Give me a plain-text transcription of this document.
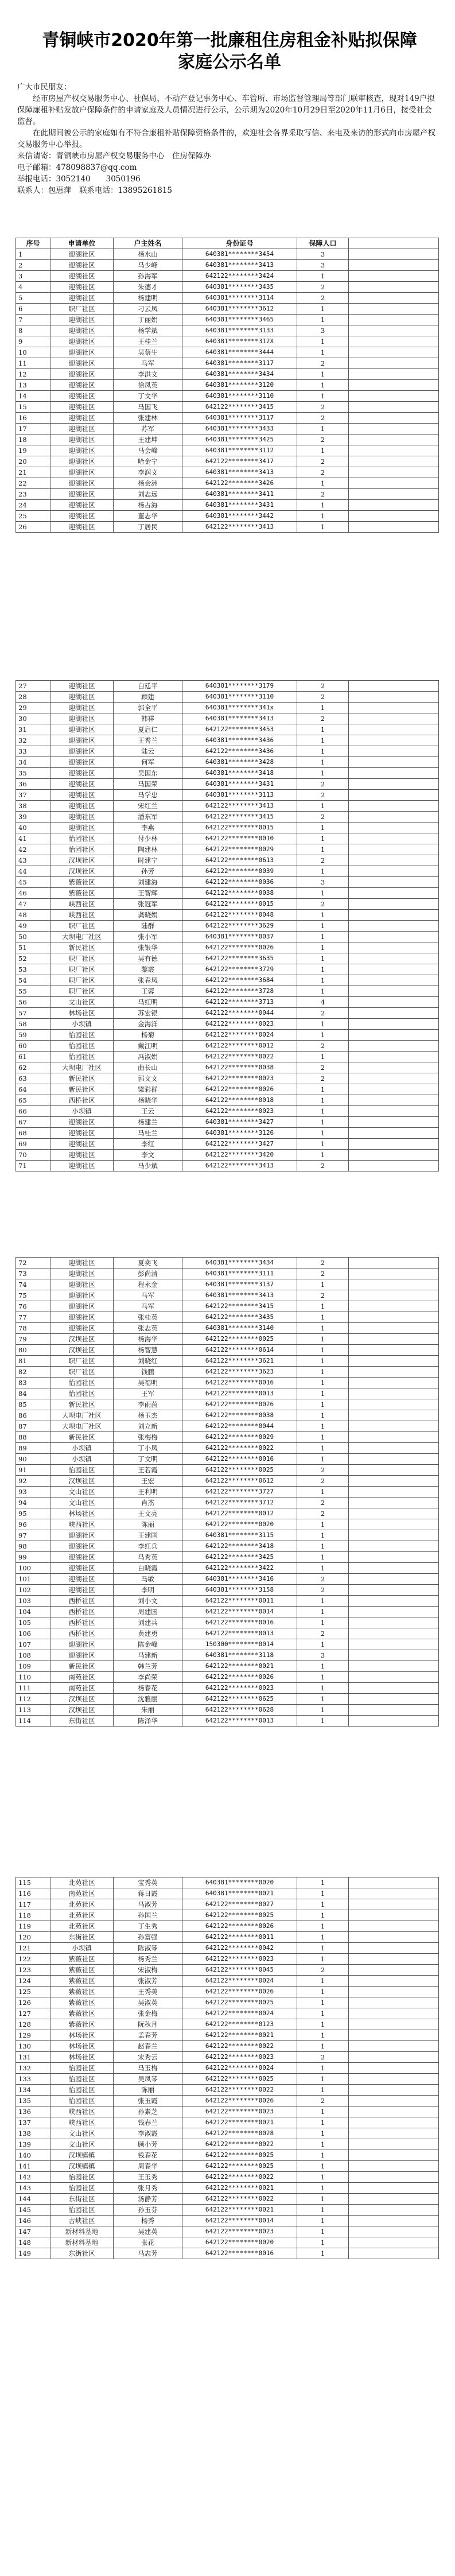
青铜峡市2020年第一批廉租住房租金补贴拟保障
家庭公示名单

广大市民朋友：

经市房屋产权交易服务中心、社保局、不动产登记事务中心、车管所、市场监督管理局等部门联审核查，现对149户拟保障廉租补贴发放户保障条件的申请家庭及人员情况进行公示，公示期为2020年10月29日至2020年11月6日，接受社会监督。

在此期间被公示的家庭如有不符合廉租补贴保障资格条件的，欢迎社会各界采取写信、来电及来访的形式向市房屋产权交易服务中心举报。

来信请寄：青铜峡市房屋产权交易服务中心　住房保障办

电子邮箱：478098837@qq.com

举报电话：3052140　　3050196

联系人：包惠萍　联系电话：13895261815

序号	申请单位	户主姓名	身份证号	保障人口	
1	迎湖社区	杨水山	640381********3454	3	
2	迎湖社区	马少峰	640381********3413	3	
3	迎湖社区	孙海军	642122********3424	1	
4	迎湖社区	朱德才	640381********3435	2	
5	迎湖社区	杨建明	640381********3114	2	
6	职厂社区	刁云凤	640381********3612	1	
7	迎湖社区	丁丽娟	640381********3465	1	
8	迎湖社区	杨学斌	640381********3133	3	
9	迎湖社区	王桂兰	640381********312X	1	
10	迎湖社区	吴蔡生	640381********3444	1	
11	迎湖社区	马军	640381********3117	2	
12	迎湖社区	李洪文	640381********3434	1	
13	迎湖社区	徐凤英	640381********3120	1	
14	迎湖社区	丁文华	640381********3110	1	
15	迎湖社区	马国飞	642122********3415	2	
16	迎湖社区	张建林	640381********3117	2	
17	迎湖社区	苏军	640381********3433	1	
18	迎湖社区	王建坤	640381********3425	2	
19	迎湖社区	马会峰	640381********3112	1	
20	迎湖社区	哈金宁	642122********3417	2	
21	迎湖社区	李润文	640381********3413	2	
22	迎湖社区	杨会洲	642122********3426	1	
23	迎湖社区	刘志远	640381********3411	2	
24	迎湖社区	杨占海	640381********3431	1	
25	迎湖社区	董志华	640381********3442	1	
26	迎湖社区	丁居民	642122********3413	1	
27	迎湖社区	白廷平	640381********3179	2	
28	迎湖社区	顾建	640381********3110	2	
29	迎湖社区	郭全平	640381********341x	1	
30	迎湖社区	韩祥	640381********3413	2	
31	迎湖社区	夏启仁	642122********3453	1	
32	迎湖社区	王秀兰	640381********3436	1	
33	迎湖社区	陆云	642122********3436	1	
34	迎湖社区	何军	640381********3428	1	
35	迎湖社区	吴国东	640381********3418	1	
36	迎湖社区	马国荣	640381********3431	2	
37	迎湖社区	马学忠	640381********3113	2	
38	迎湖社区	宋红兰	642122********3413	1	
39	迎湖社区	潘东军	642122********3415	2	
40	迎湖社区	李燕	642122********0015	1	
41	怡园社区	付少林	642122********0010	1	
42	怡园社区	陶建林	642122********0029	1	
43	汉坝社区	时建宁	642122********0613	2	
44	汉坝社区	孙芳	642122********0039	1	
45	紫薇社区	刘建海	642122********0036	3	
46	紫薇社区	王智辉	642122********0038	1	
47	峡西社区	张冠军	642122********0015	2	
48	峡西社区	龚晓娟	642122********0048	1	
49	职厂社区	陆群	642122********3629	1	
50	大坝电厂社区	张小军	640381********0037	1	
51	新民社区	张银华	642122********0026	1	
52	职厂社区	吴有德	642122********3635	1	
53	职厂社区	黎霞	642122********3729	1	
54	职厂社区	张春凤	642122********3684	1	
55	职厂社区	王蓉	642122********3728	1	
56	文山社区	马红明	642122********3713	4	
57	林场社区	苏宏银	642122********0044	2	
58	小坝镇	金海洋	642122********0023	1	
59	怡园社区	杨菊	642122********0024	1	
60	怡园社区	戴江明	642122********0012	2	
61	怡园社区	冯淑娟	642122********0022	1	
62	大坝电厂社区	曲长山	642122********0038	2	
63	新民社区	郭文文	642122********0023	2	
64	新民社区	梁彩群	642122********0026	1	
65	西桥社区	杨晓华	642122********0018	1	
66	小坝镇	王云	642122********0023	1	
67	迎湖社区	杨建兰	640381********3427	1	
68	迎湖社区	马桂兰	640381********3126	1	
69	迎湖社区	李红	642122********3427	1	
70	迎湖社区	李文	642122********3420	1	
71	迎湖社区	马少斌	642122********3413	2	
72	迎湖社区	夏奕飞	640381********3434	2	
73	迎湖社区	彭尚清	640381********3111	2	
74	迎湖社区	程永金	640381********3137	1	
75	迎湖社区	马军	640381********3413	2	
76	迎湖社区	马军	642122********3415	1	
77	迎湖社区	张桂英	642122********3435	1	
78	迎湖社区	张志英	640381********3140	1	
79	汉坝社区	杨海华	642122********0025	1	
80	汉坝社区	杨智慧	642122********0614	1	
81	职厂社区	刘晓红	642122********3621	1	
82	职厂社区	钱鹏	642122********3623	1	
83	怡园社区	吴福明	642122********0016	1	
84	怡园社区	王军	642122********0013	1	
85	新民社区	李雨茵	642122********0026	1	
86	大坝电厂社区	杨玉杰	642122********0038	1	
87	大坝电厂社区	刘立新	642122********0044	1	
88	新民社区	张梅梅	642122********0029	1	
89	小坝镇	丁小凤	642122********0022	1	
90	小坝镇	丁文明	642122********0016	1	
91	怡园社区	王若霞	642122********0025	2	
92	汉坝社区	王宏	642122********0612	2	
93	文山社区	王利明	642122********3727	1	
94	文山社区	肖杰	642122********3712	2	
95	林场社区	王文亮	642122********0012	2	
96	峡西社区	陈丽	642122********0020	1	
97	迎湖社区	王建国	640381********3115	1	
98	迎湖社区	李红兵	642122********3418	1	
99	迎湖社区	马秀英	642122********3425	1	
100	迎湖社区	白晓霞	642122********3422	1	
101	迎湖社区	马敏	640381********3416	2	
102	迎湖社区	李明	640381********3158	2	
103	西桥社区	刘小文	642122********0011	1	
104	西桥社区	周建国	642122********0014	1	
105	西桥社区	刘建兵	642122********0016	1	
106	西桥社区	黄建勇	642122********0013	2	
107	迎湖社区	陈金峰	150300********0014	1	
108	迎湖社区	马建新	640381********3118	3	
109	新民社区	韩兰芳	642122********0021	1	
110	南苑社区	李尚荣	642122********0026	1	
111	南苑社区	杨春花	642122********0023	1	
112	汉坝社区	沈雅丽	642122********0625	1	
113	汉坝社区	朱丽	642122********0628	1	
114	东街社区	陈泽华	642122********0013	1	
115	北苑社区	宝秀英	640381********0020	1	
116	南苑社区	蒋日霞	640381********0021	1	
117	北苑社区	马淑芳	642122********0027	1	
118	北苑社区	孙国兰	642122********0025	1	
119	北苑社区	丁生秀	642122********0026	1	
120	东街社区	孙富强	642122********0011	1	
121	小坝镇	陈淑琴	642122********0042	1	
122	紫薇社区	杨秀兰	642122********0023	1	
123	紫薇社区	宋淑梅	642122********0045	2	
124	紫薇社区	张淑芳	642122********0024	1	
125	紫薇社区	王秀美	642122********0026	1	
126	紫薇社区	吴淑英	642122********0025	1	
127	紫薇社区	张金梅	642122********0024	1	
128	紫薇社区	阮秋月	642122********0123	1	
129	林场社区	孟春芳	642122********0021	1	
130	林场社区	赵春兰	642122********0022	1	
131	林场社区	宋秀云	642122********0023	2	
132	怡园社区	马玉梅	642122********0024	1	
133	怡园社区	吴凤琴	642122********0025	1	
134	怡园社区	陈丽	642122********0022	1	
135	怡园社区	张玉霞	642122********0026	2	
136	峡西社区	孙素芝	642122********0023	1	
137	峡西社区	钱春兰	642122********0021	1	
138	文山社区	李淑霞	642122********0028	1	
139	文山社区	顾小芳	642122********0022	1	
140	汉坝镇镇	钱春花	642122********0025	1	
141	汉坝镇镇	周春华	642122********0025	1	
142	怡园社区	王玉秀	642122********0022	1	
143	怡园社区	张月秀	642122********0021	1	
144	东街社区	汤静芳	642122********0022	1	
145	怡园社区	孙玉芬	642122********0021	1	
146	古峡社区	杨秀	642122********0014	1	
147	新材料基地	吴建英	642122********0023	1	
148	新材料基地	张花	642122********0020	1	
149	东街社区	马志芳	642122********0016	1	
